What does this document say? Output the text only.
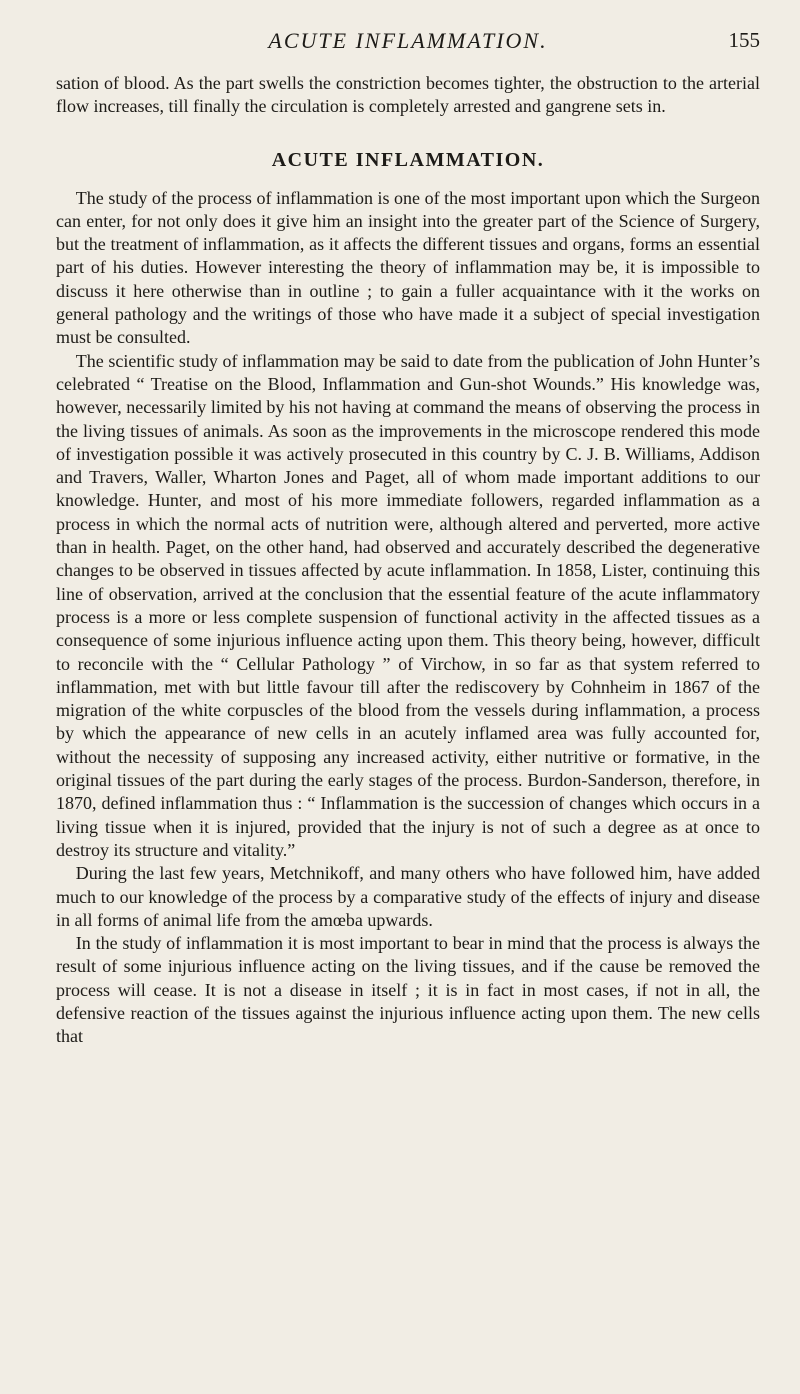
ACUTE INFLAMMATION.	155

sation of blood. As the part swells the constriction becomes tighter, the obstruction to the arterial flow increases, till finally the circulation is completely arrested and gangrene sets in.

ACUTE INFLAMMATION.

The study of the process of inflammation is one of the most important upon which the Surgeon can enter, for not only does it give him an insight into the greater part of the Science of Surgery, but the treatment of inflammation, as it affects the different tissues and organs, forms an essential part of his duties. However interesting the theory of inflammation may be, it is impossible to discuss it here otherwise than in outline ; to gain a fuller acquaintance with it the works on general pathology and the writings of those who have made it a subject of special investigation must be consulted.

The scientific study of inflammation may be said to date from the publication of John Hunter’s celebrated “ Treatise on the Blood, Inflammation and Gun-shot Wounds.” His knowledge was, however, necessarily limited by his not having at command the means of observing the process in the living tissues of animals. As soon as the improvements in the microscope rendered this mode of investigation possible it was actively prosecuted in this country by C. J. B. Williams, Addison and Travers, Waller, Wharton Jones and Paget, all of whom made important additions to our knowledge. Hunter, and most of his more immediate followers, regarded inflammation as a process in which the normal acts of nutrition were, although altered and perverted, more active than in health. Paget, on the other hand, had observed and accurately described the degenerative changes to be observed in tissues affected by acute inflammation. In 1858, Lister, continuing this line of observation, arrived at the conclusion that the essential feature of the acute inflammatory process is a more or less complete suspension of functional activity in the affected tissues as a consequence of some injurious influence acting upon them. This theory being, however, difficult to reconcile with the “ Cellular Pathology ” of Virchow, in so far as that system referred to inflammation, met with but little favour till after the rediscovery by Cohnheim in 1867 of the migration of the white corpuscles of the blood from the vessels during inflammation, a process by which the appearance of new cells in an acutely inflamed area was fully accounted for, without the necessity of supposing any increased activity, either nutritive or formative, in the original tissues of the part during the early stages of the process. Burdon-Sanderson, therefore, in 1870, defined inflammation thus : “ Inflammation is the succession of changes which occurs in a living tissue when it is injured, provided that the injury is not of such a degree as at once to destroy its structure and vitality.”

During the last few years, Metchnikoff, and many others who have followed him, have added much to our knowledge of the process by a comparative study of the effects of injury and disease in all forms of animal life from the amœba upwards.

In the study of inflammation it is most important to bear in mind that the process is always the result of some injurious influence acting on the living tissues, and if the cause be removed the process will cease. It is not a disease in itself ; it is in fact in most cases, if not in all, the defensive reaction of the tissues against the injurious influence acting upon them. The new cells that
